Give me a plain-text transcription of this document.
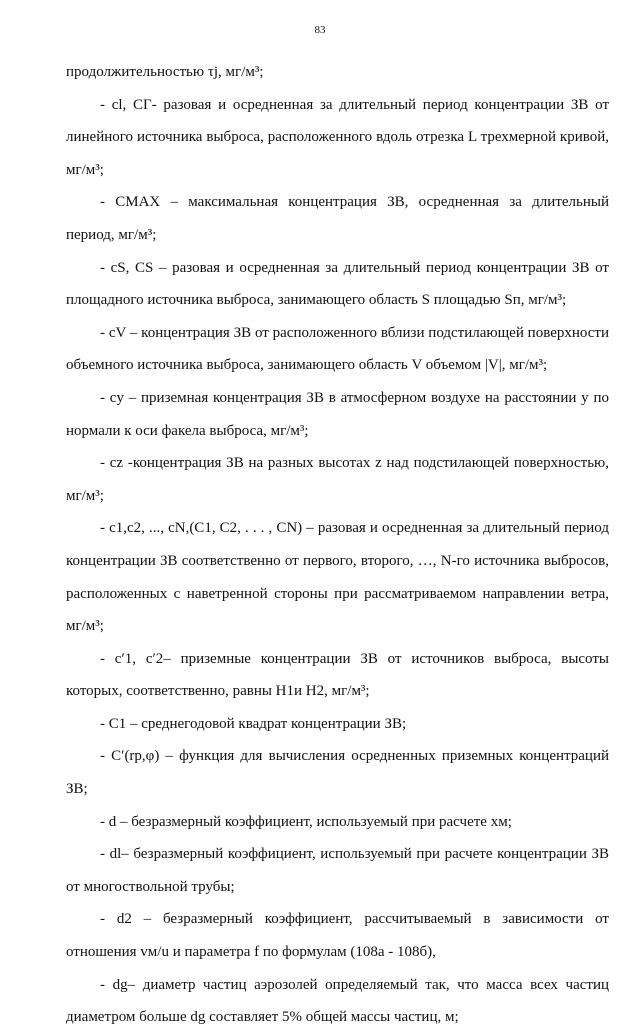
83

продолжительностью τj, мг/м³;

- cl, CГ- разовая и осредненная за длительный период концентрации ЗВ от линейного источника выброса, расположенного вдоль отрезка L трехмерной кривой, мг/м³;

- CMAX – максимальная концентрация ЗВ, осредненная за длительный период, мг/м³;

- cS, CS – разовая и осредненная за длительный период концентрации ЗВ от площадного источника выброса, занимающего область S площадью Sп, мг/м³;

- cV – концентрация ЗВ от расположенного вблизи подстилающей поверхности объемного источника выброса, занимающего область V объемом |V|, мг/м³;

- cy – приземная концентрация ЗВ в атмосферном воздухе на расстоянии y по нормали к оси факела выброса, мг/м³;

- cz -концентрация ЗВ на разных высотах z над подстилающей поверхностью, мг/м³;

- c1,c2, ..., cN,(C1, C2, . . . , CN) – разовая и осредненная за длительный период концентрации ЗВ соответственно от первого, второго, …, N-го источника выбросов, расположенных с наветренной стороны при рассматриваемом направлении ветра, мг/м³;

- c′1, c′2– приземные концентрации ЗВ от источников выброса, высоты которых, соответственно, равны H1и H2, мг/м³;

- C1 – среднегодовой квадрат концентрации ЗВ;

- C′(rp,φ) – функция для вычисления осредненных приземных концентраций ЗВ;

- d – безразмерный коэффициент, используемый при расчете xм;

- dl– безразмерный коэффициент, используемый при расчете концентрации ЗВ от многоствольной трубы;

- d2 – безразмерный коэффициент, рассчитываемый в зависимости от отношения vм/u и параметра f по формулам (108а - 108б),

- dg– диаметр частиц аэрозолей определяемый так, что масса всех частиц диаметром больше dg составляет 5% общей массы частиц, м;
